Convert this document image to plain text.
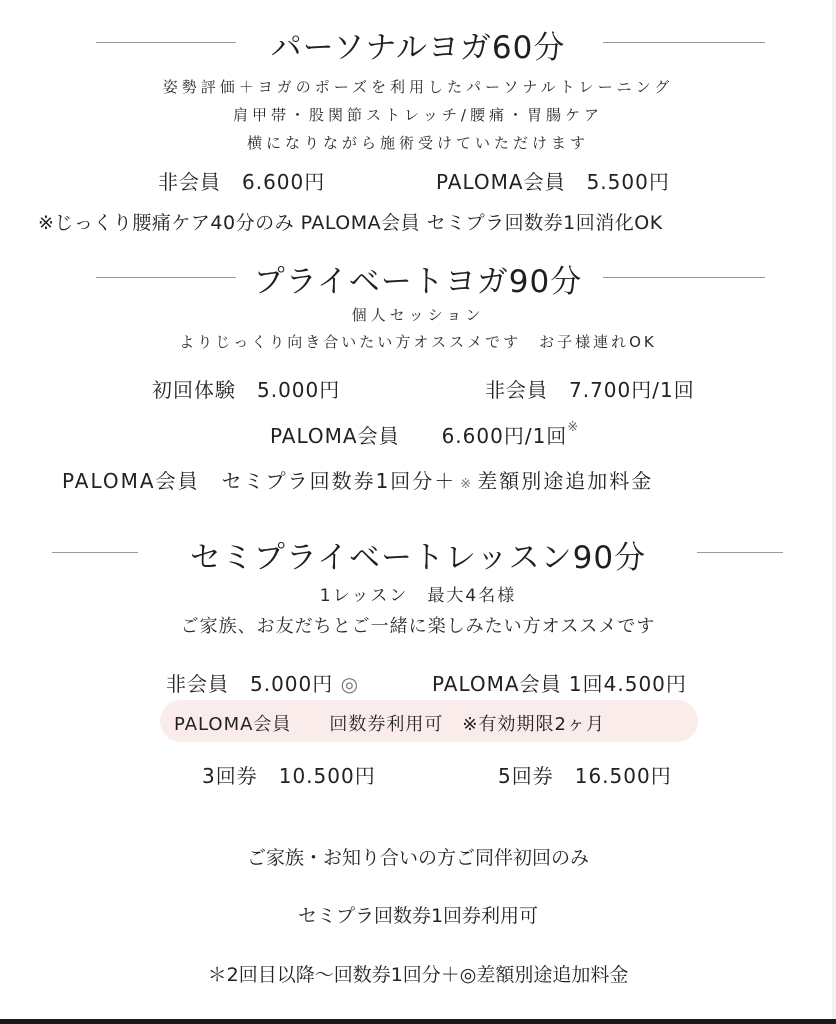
パーソナルヨガ60分
姿勢評価＋ヨガのポーズを利用したパーソナルトレーニング
肩甲帯・股関節ストレッチ/腰痛・胃腸ケア
横になりながら施術受けていただけます
非会員　6.600円	PALOMA会員　5.500円
※じっくり腰痛ケア40分のみ PALOMA会員 セミプラ回数券1回消化OK
プライベートヨガ90分
個人セッション
よりじっくり向き合いたい方オススメです　お子様連れOK
初回体験　5.000円	非会員　7.700円/1回
PALOMA会員　　6.600円/1回※
PALOMA会員　セミプラ回数券1回分＋ ※ 差額別途追加料金
セミプライベートレッスン90分
1レッスン　最大4名様
ご家族、お友だちとご一緒に楽しみたい方オススメです
非会員　5.000円 ◎	PALOMA会員 1回4.500円
PALOMA会員　　回数券利用可　※有効期限2ヶ月
3回券　10.500円	5回券　16.500円
ご家族・お知り合いの方ご同伴初回のみ
セミプラ回数券1回券利用可
＊2回目以降〜回数券1回分＋◎差額別途追加料金
